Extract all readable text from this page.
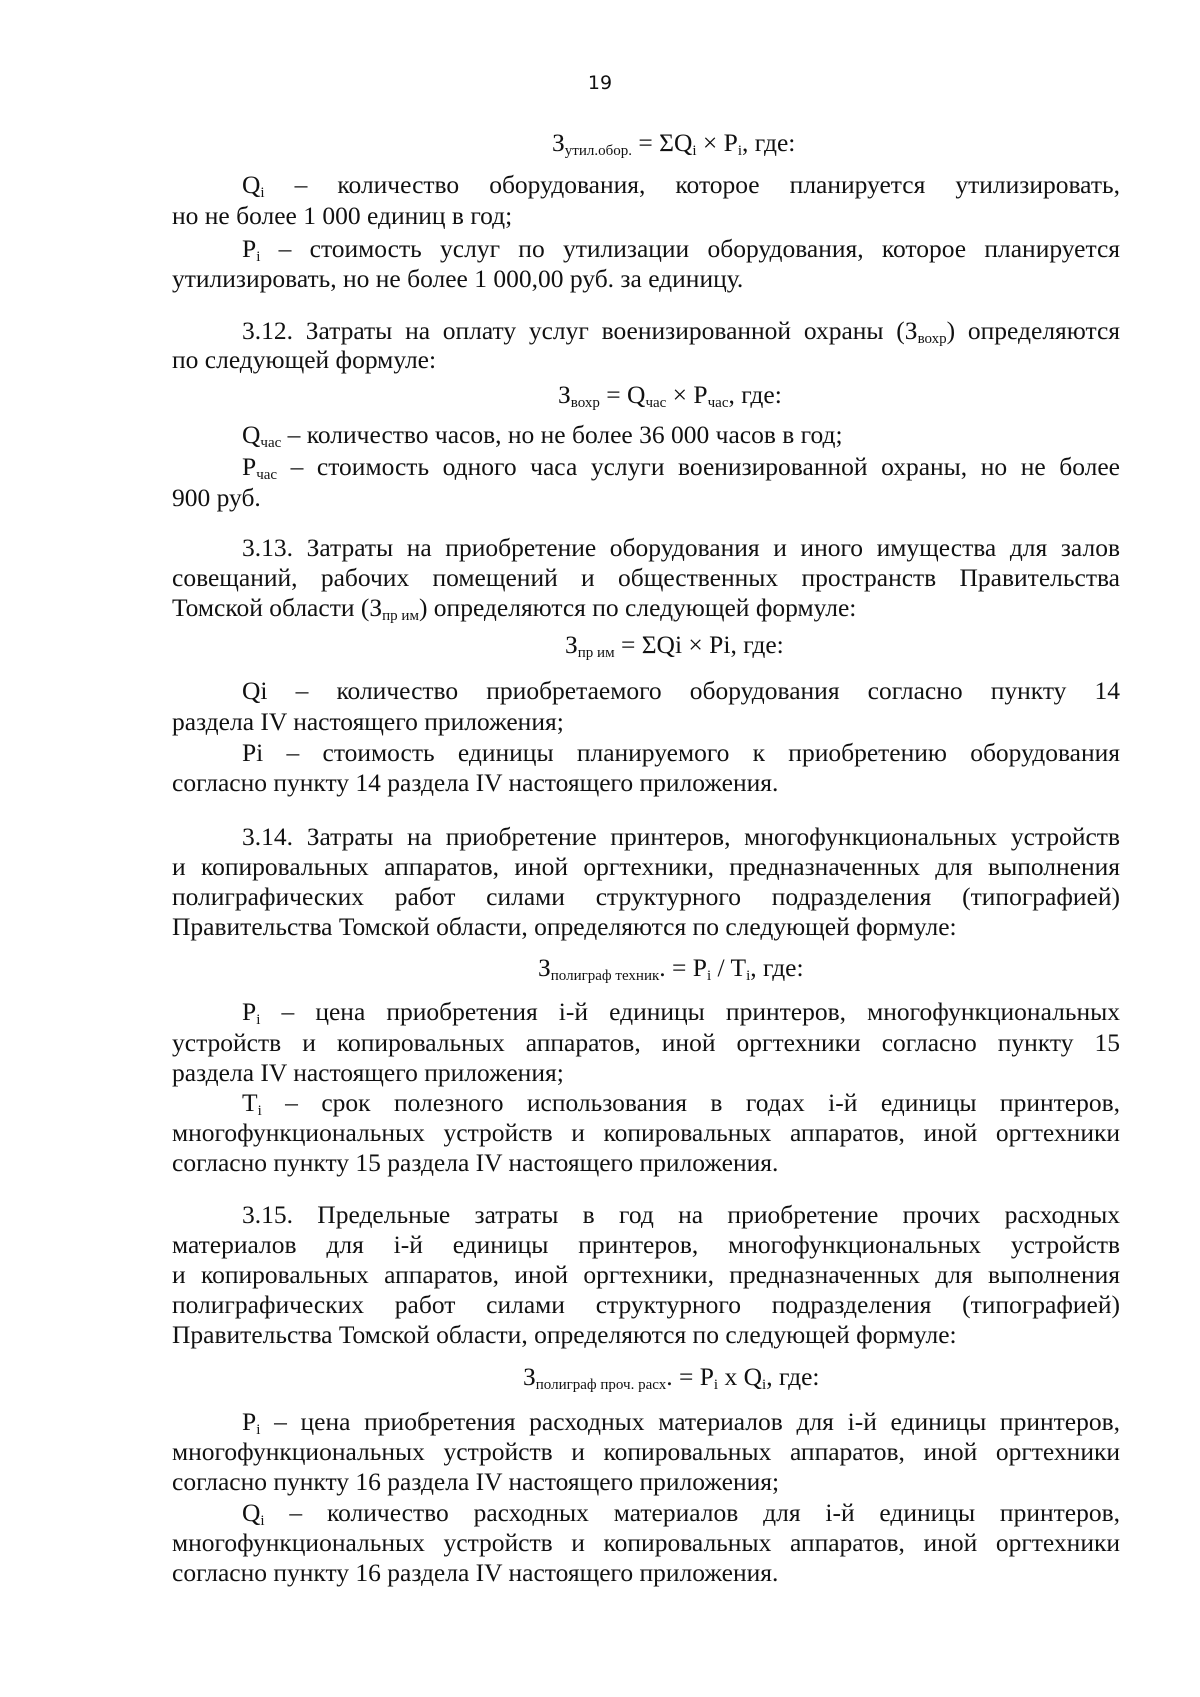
19
$З_{утил.обор.} = \Sigma Q_i \times P_i$, где:
$Q_i$ – количество оборудования, которое планируется утилизировать,
но не более 1 000 единиц в год;
$P_i$ – стоимость услуг по утилизации оборудования, которое планируется
утилизировать, но не более 1 000,00 руб. за единицу.
3.12. Затраты на оплату услуг военизированной охраны $(З_{вохр})$ определяются
по следующей формуле:
$З_{вохр} = Q_{час} \times P_{час}$, где:
$Q_{час}$ – количество часов, но не более 36 000 часов в год;
$P_{час}$ – стоимость одного часа услуги военизированной охраны, но не более
900 руб.
3.13. Затраты на приобретение оборудования и иного имущества для залов
совещаний, рабочих помещений и общественных пространств Правительства
Томской области $(З_{пр им})$ определяются по следующей формуле:
$З_{пр им} = \Sigma Qi \times Pi$, где:
Qi – количество приобретаемого оборудования согласно пункту 14
раздела IV настоящего приложения;
Pi – стоимость единицы планируемого к приобретению оборудования
согласно пункту 14 раздела IV настоящего приложения.
3.14. Затраты на приобретение принтеров, многофункциональных устройств
и копировальных аппаратов, иной оргтехники, предназначенных для выполнения
полиграфических работ силами структурного подразделения (типографией)
Правительства Томской области, определяются по следующей формуле:
$З_{полиграф техник}$. = $P_i / T_i$, где:
$P_i$ – цена приобретения i-й единицы принтеров, многофункциональных
устройств и копировальных аппаратов, иной оргтехники согласно пункту 15
раздела IV настоящего приложения;
$T_i$ – срок полезного использования в годах i-й единицы принтеров,
многофункциональных устройств и копировальных аппаратов, иной оргтехники
согласно пункту 15 раздела IV настоящего приложения.
3.15. Предельные затраты в год на приобретение прочих расходных
материалов для i-й единицы принтеров, многофункциональных устройств
и копировальных аппаратов, иной оргтехники, предназначенных для выполнения
полиграфических работ силами структурного подразделения (типографией)
Правительства Томской области, определяются по следующей формуле:
$З_{полиграф проч. расх}$. = $P_i$ x $Q_i$, где:
$P_i$ – цена приобретения расходных материалов для i-й единицы принтеров,
многофункциональных устройств и копировальных аппаратов, иной оргтехники
согласно пункту 16 раздела IV настоящего приложения;
$Q_i$ – количество расходных материалов для i-й единицы принтеров,
многофункциональных устройств и копировальных аппаратов, иной оргтехники
согласно пункту 16 раздела IV настоящего приложения.
